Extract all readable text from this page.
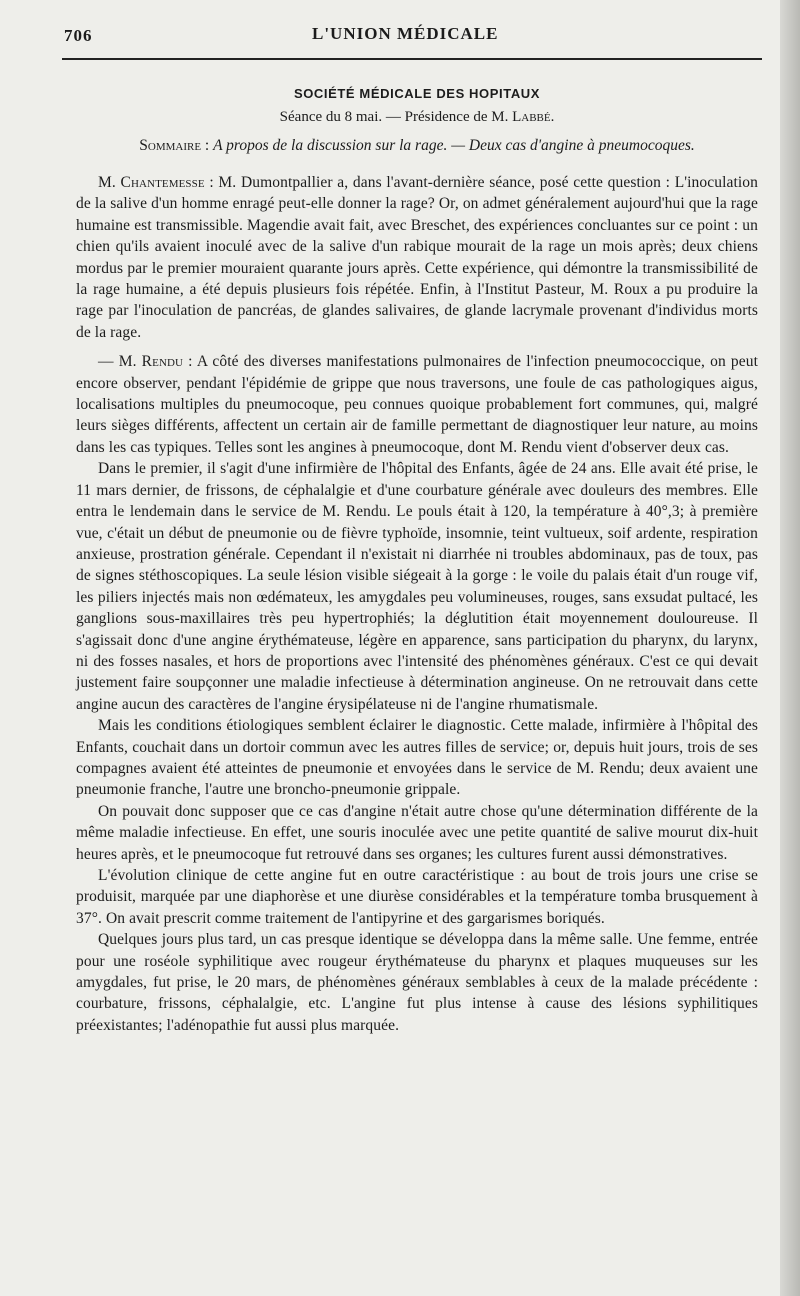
706	L'UNION MÉDICALE
SOCIÉTÉ MÉDICALE DES HOPITAUX
Séance du 8 mai. — Présidence de M. Labbé.
Sommaire : A propos de la discussion sur la rage. — Deux cas d'angine à pneumocoques.

M. Chantemesse : M. Dumontpallier a, dans l'avant-dernière séance, posé cette question : L'inoculation de la salive d'un homme enragé peut-elle donner la rage? Or, on admet généralement aujourd'hui que la rage humaine est transmissible. Magendie avait fait, avec Breschet, des expériences concluantes sur ce point : un chien qu'ils avaient inoculé avec de la salive d'un rabique mourait de la rage un mois après; deux chiens mordus par le premier mouraient quarante jours après. Cette expérience, qui démontre la transmissibilité de la rage humaine, a été depuis plusieurs fois répétée. Enfin, à l'Institut Pasteur, M. Roux a pu produire la rage par l'inoculation de pancréas, de glandes salivaires, de glande lacrymale provenant d'individus morts de la rage.

— M. Rendu : A côté des diverses manifestations pulmonaires de l'infection pneumococcique, on peut encore observer, pendant l'épidémie de grippe que nous traversons, une foule de cas pathologiques aigus, localisations multiples du pneumocoque, peu connues quoique probablement fort communes, qui, malgré leurs sièges différents, affectent un certain air de famille permettant de diagnostiquer leur nature, au moins dans les cas typiques. Telles sont les angines à pneumocoque, dont M. Rendu vient d'observer deux cas.

Dans le premier, il s'agit d'une infirmière de l'hôpital des Enfants, âgée de 24 ans. Elle avait été prise, le 11 mars dernier, de frissons, de céphalalgie et d'une courbature générale avec douleurs des membres. Elle entra le lendemain dans le service de M. Rendu. Le pouls était à 120, la température à 40°,3; à première vue, c'était un début de pneumonie ou de fièvre typhoïde, insomnie, teint vultueux, soif ardente, respiration anxieuse, prostration générale. Cependant il n'existait ni diarrhée ni troubles abdominaux, pas de toux, pas de signes stéthoscopiques. La seule lésion visible siégeait à la gorge : le voile du palais était d'un rouge vif, les piliers injectés mais non œdémateux, les amygdales peu volumineuses, rouges, sans exsudat pultacé, les ganglions sous-maxillaires très peu hypertrophiés; la déglutition était moyennement douloureuse. Il s'agissait donc d'une angine érythémateuse, légère en apparence, sans participation du pharynx, du larynx, ni des fosses nasales, et hors de proportions avec l'intensité des phénomènes généraux. C'est ce qui devait justement faire soupçonner une maladie infectieuse à détermination angineuse. On ne retrouvait dans cette angine aucun des caractères de l'angine érysipélateuse ni de l'angine rhumatismale.

Mais les conditions étiologiques semblent éclairer le diagnostic. Cette malade, infirmière à l'hôpital des Enfants, couchait dans un dortoir commun avec les autres filles de service; or, depuis huit jours, trois de ses compagnes avaient été atteintes de pneumonie et envoyées dans le service de M. Rendu; deux avaient une pneumonie franche, l'autre une broncho-pneumonie grippale.

On pouvait donc supposer que ce cas d'angine n'était autre chose qu'une détermination différente de la même maladie infectieuse. En effet, une souris inoculée avec une petite quantité de salive mourut dix-huit heures après, et le pneumocoque fut retrouvé dans ses organes; les cultures furent aussi démonstratives.

L'évolution clinique de cette angine fut en outre caractéristique : au bout de trois jours une crise se produisit, marquée par une diaphorèse et une diurèse considérables et la température tomba brusquement à 37°. On avait prescrit comme traitement de l'antipyrine et des gargarismes boriqués.

Quelques jours plus tard, un cas presque identique se développa dans la même salle. Une femme, entrée pour une roséole syphilitique avec rougeur érythémateuse du pharynx et plaques muqueuses sur les amygdales, fut prise, le 20 mars, de phénomènes généraux semblables à ceux de la malade précédente : courbature, frissons, céphalalgie, etc. L'angine fut plus intense à cause des lésions syphilitiques préexistantes; l'adénopathie fut aussi plus marquée.
